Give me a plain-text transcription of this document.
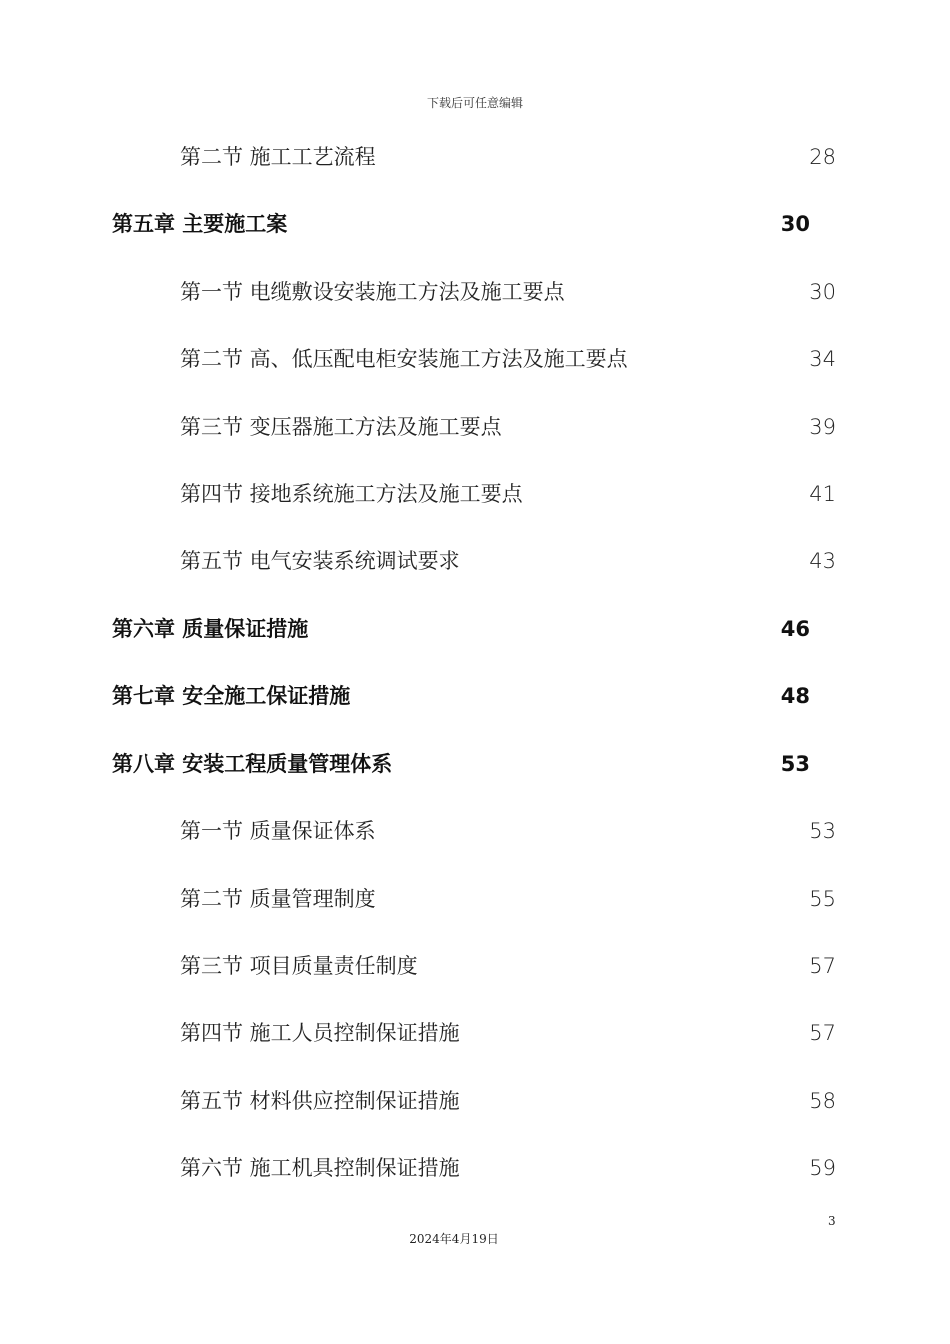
下载后可任意编辑
第二节 施工工艺流程	28
第五章 主要施工案	30
第一节 电缆敷设安装施工方法及施工要点	30
第二节 高、低压配电柜安装施工方法及施工要点	34
第三节 变压器施工方法及施工要点	39
第四节 接地系统施工方法及施工要点	41
第五节 电气安装系统调试要求	43
第六章 质量保证措施	46
第七章 安全施工保证措施	48
第八章 安装工程质量管理体系	53
第一节 质量保证体系	53
第二节 质量管理制度	55
第三节 项目质量责任制度	57
第四节 施工人员控制保证措施	57
第五节 材料供应控制保证措施	58
第六节 施工机具控制保证措施	59
3
2024年4月19日
